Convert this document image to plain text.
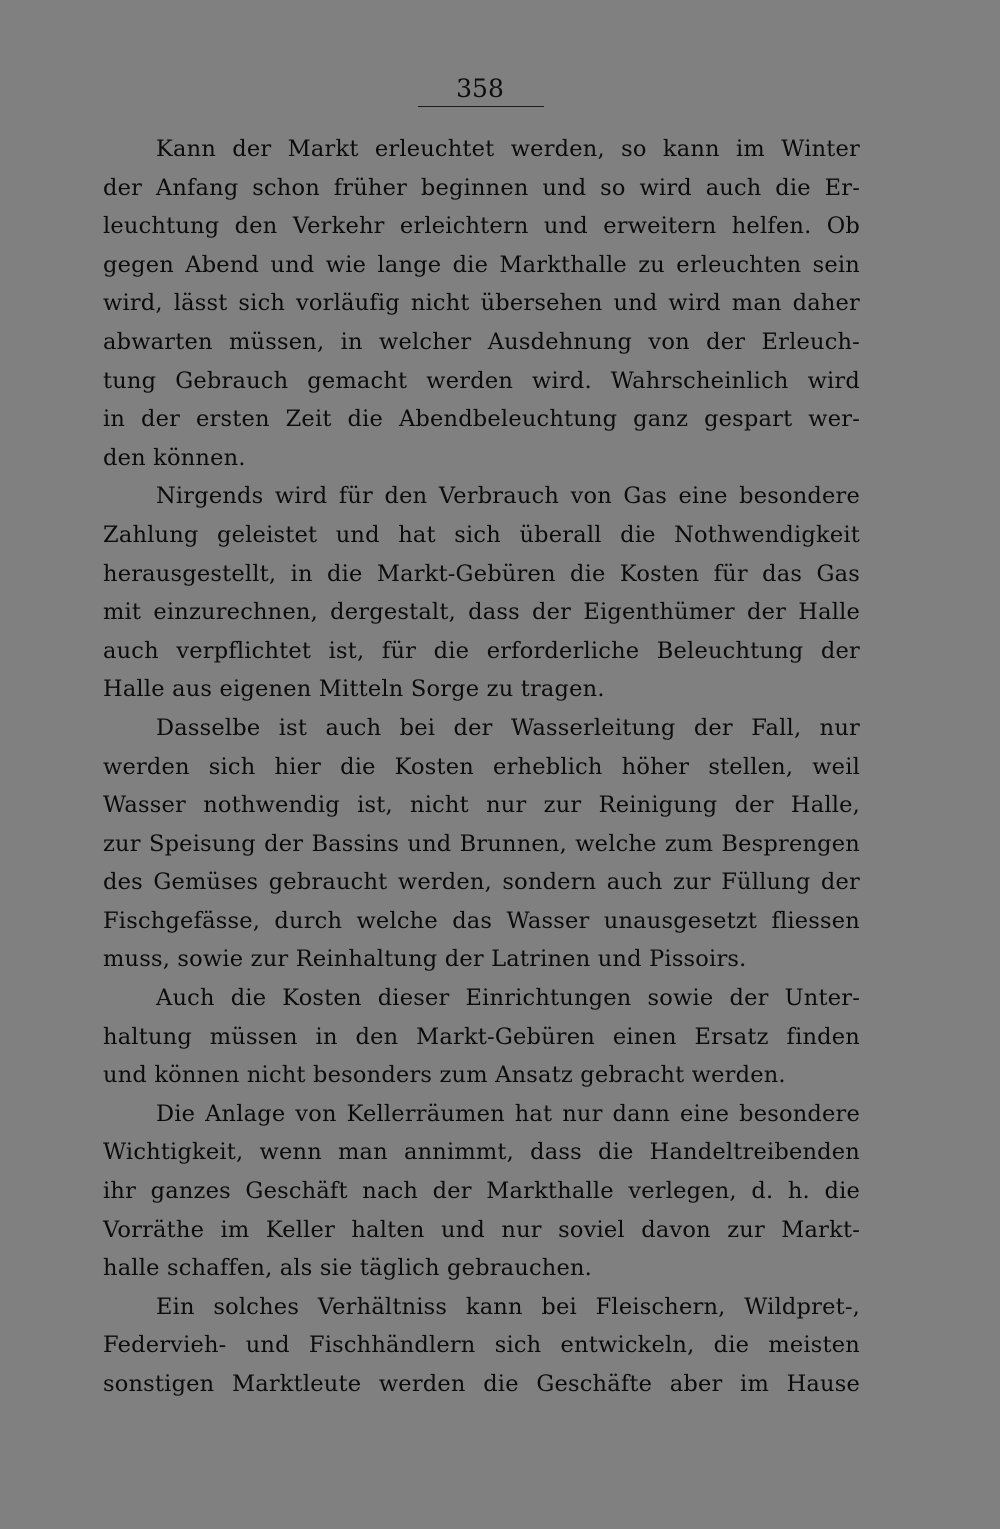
358
Kann der Markt erleuchtet werden, so kann im Winter
der Anfang schon früher beginnen und so wird auch die Er-
leuchtung den Verkehr erleichtern und erweitern helfen. Ob
gegen Abend und wie lange die Markthalle zu erleuchten sein
wird, lässt sich vorläufig nicht übersehen und wird man daher
abwarten müssen, in welcher Ausdehnung von der Erleuch-
tung Gebrauch gemacht werden wird. Wahrscheinlich wird
in der ersten Zeit die Abendbeleuchtung ganz gespart wer-
den können.
Nirgends wird für den Verbrauch von Gas eine besondere
Zahlung geleistet und hat sich überall die Nothwendigkeit
herausgestellt, in die Markt-Gebüren die Kosten für das Gas
mit einzurechnen, dergestalt, dass der Eigenthümer der Halle
auch verpflichtet ist, für die erforderliche Beleuchtung der
Halle aus eigenen Mitteln Sorge zu tragen.
Dasselbe ist auch bei der Wasserleitung der Fall, nur
werden sich hier die Kosten erheblich höher stellen, weil
Wasser nothwendig ist, nicht nur zur Reinigung der Halle,
zur Speisung der Bassins und Brunnen, welche zum Besprengen
des Gemüses gebraucht werden, sondern auch zur Füllung der
Fischgefässe, durch welche das Wasser unausgesetzt fliessen
muss, sowie zur Reinhaltung der Latrinen und Pissoirs.
Auch die Kosten dieser Einrichtungen sowie der Unter-
haltung müssen in den Markt-Gebüren einen Ersatz finden
und können nicht besonders zum Ansatz gebracht werden.
Die Anlage von Kellerräumen hat nur dann eine besondere
Wichtigkeit, wenn man annimmt, dass die Handeltreibenden
ihr ganzes Geschäft nach der Markthalle verlegen, d. h. die
Vorräthe im Keller halten und nur soviel davon zur Markt-
halle schaffen, als sie täglich gebrauchen.
Ein solches Verhältniss kann bei Fleischern, Wildpret-,
Federvieh- und Fischhändlern sich entwickeln, die meisten
sonstigen Marktleute werden die Geschäfte aber im Hause
